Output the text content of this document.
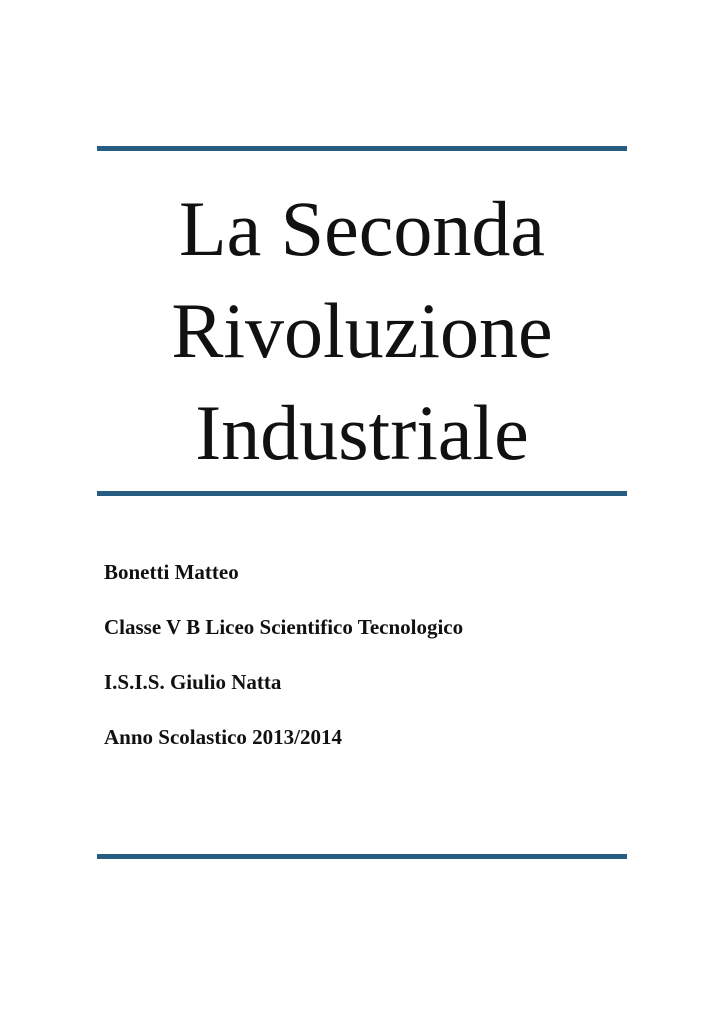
La Seconda
Rivoluzione
Industriale
Bonetti Matteo
Classe V B Liceo Scientifico Tecnologico
I.S.I.S. Giulio Natta
Anno Scolastico 2013/2014
